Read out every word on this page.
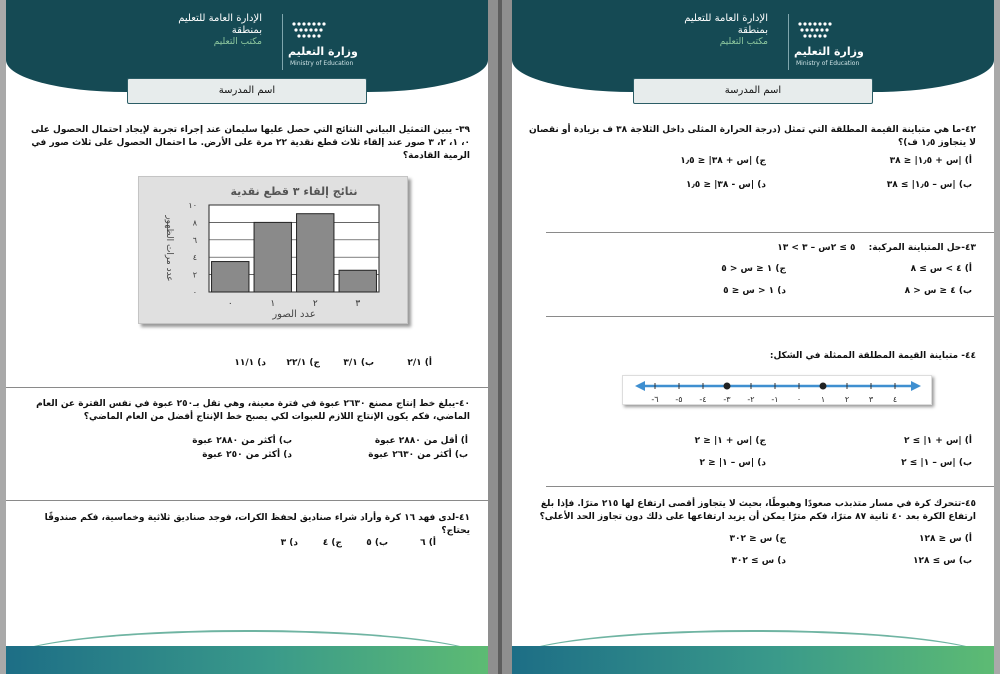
وزارة التعليم
Ministry of Education
الإدارة العامة للتعليم
بمنطقة
مكتب التعليم
اسم المدرسة
٣٩- يبين التمثيل البياني النتائج التي حصل عليها سليمان عند إجراء تجربة لإيجاد احتمال الحصول على ٠، ١، ٢، ٣ صور عند إلقاء ثلاث قطع نقدية ٢٢ مرة على الأرض. ما احتمال الحصول على ثلاث صور في الرمية القادمة؟
نتائج إلقاء ٣ قطع نقدية
٠
٢
٤
٦
٨
١٠
٠	١	٢	٣
عدد الصور
عدد مرات الظهور
أ) ٢/١
ب) ٣/١
ج) ٢٢/١
د) ١١/١
٤٠-يبلغ خط إنتاج مصنع ٢٦٣٠ عبوة في فترة معينة، وهي تقل بـ٢٥٠ عبوة في نفس الفترة عن العام الماضي، فكم يكون الإنتاج اللازم للعبوات لكي يصبح خط الإنتاج أفضل من العام الماضي؟
أ) أقل من ٢٨٨٠ عبوة
ب) أكثر من ٢٨٨٠ عبوة
ب) أكثر من ٢٦٣٠ عبوة
د) أكثر من ٢٥٠ عبوة
٤١-لدى فهد ١٦ كرة وأراد شراء صناديق لحفظ الكرات، فوجد صناديق ثلاثية وخماسية، فكم صندوقًا يحتاج؟
أ) ٦
ب) ٥
ج) ٤
د) ٣
وزارة التعليم
Ministry of Education
الإدارة العامة للتعليم
بمنطقة
مكتب التعليم
اسم المدرسة
٤٢-ما هي متباينة القيمة المطلقة التي تمثل (درجة الحرارة المثلى داخل الثلاجة ٣٨ ف بزيادة أو نقصان لا يتجاوز ١٫٥ ف)؟
أ) |س + ١٫٥| ≤ ٣٨
ج) |س + ٣٨| ≤ ١٫٥
ب) |س – ١٫٥| ≥ ٣٨
د) |س - ٣٨| ≤ ١٫٥
٤٣-حل المتباينة المركبة: ٥ ≥ ٢س – ٣ > ١٣
أ) ٤ > س ≥ ٨
ج) ١ ≤ س < ٥
ب) ٤ ≤ س < ٨
د) ١ < س ≤ ٥
٤٤- متباينة القيمة المطلقة الممثلة في الشكل:
-٦ -٥ -٤ -٣ -٢ -١ ٠ ١ ٢ ٣ ٤
أ) |س + ١| ≥ ٢
ج) |س + ١| ≤ ٢
ب) |س – ١| ≥ ٢
د) |س – ١| ≤ ٢
٤٥-تتحرك كرة في مسار متذبذب صعودًا وهبوطًا، بحيث لا يتجاوز أقصى ارتفاع لها ٢١٥ مترًا. فإذا بلغ ارتفاع الكرة بعد ٤٠ ثانية ٨٧ مترًا، فكم مترًا يمكن أن يزيد ارتفاعها على ذلك دون تجاوز الحد الأعلى؟
أ) س ≤ ١٢٨
ج) س ≤ ٣٠٢
ب) س ≥ ١٢٨
د) س ≥ ٣٠٢
